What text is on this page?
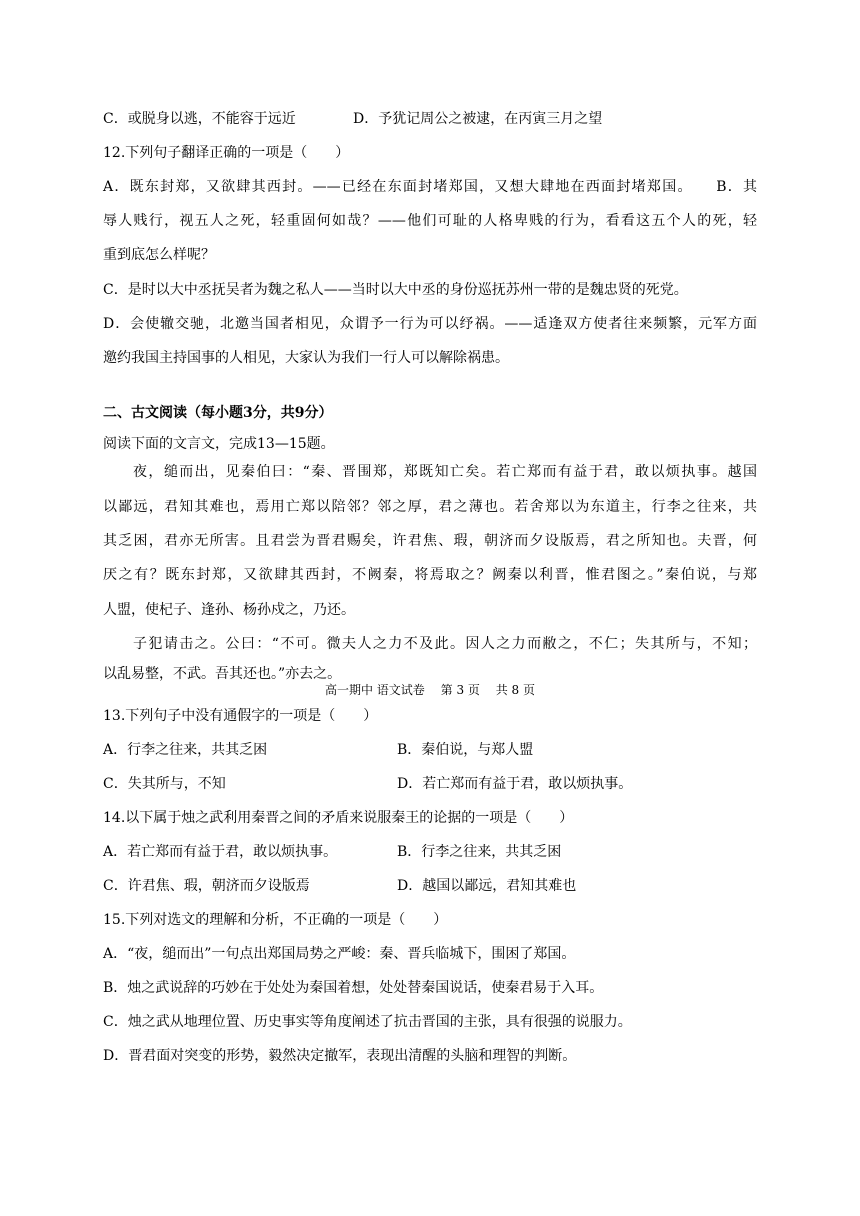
C．或脱身以逃，不能容于远近	D．予犹记周公之被逮，在丙寅三月之望
12.下列句子翻译正确的一项是（　　）
A．既东封郑，又欲肆其西封。——已经在东面封堵郑国，又想大肆地在西面封堵郑国。　　B．其
辱人贱行，视五人之死，轻重固何如哉？——他们可耻的人格卑贱的行为，看看这五个人的死，轻
重到底怎么样呢？
C．是时以大中丞抚吴者为魏之私人——当时以大中丞的身份巡抚苏州一带的是魏忠贤的死党。
D．会使辙交驰，北邀当国者相见，众谓予一行为可以纾祸。——适逢双方使者往来频繁，元军方面
邀约我国主持国事的人相见，大家认为我们一行人可以解除祸患。
二、古文阅读（每小题3分，共9分）
阅读下面的文言文，完成13—15题。
夜，缒而出，见秦伯曰：“秦、晋围郑，郑既知亡矣。若亡郑而有益于君，敢以烦执事。越国
以鄙远，君知其难也，焉用亡郑以陪邻？邻之厚，君之薄也。若舍郑以为东道主，行李之往来，共
其乏困，君亦无所害。且君尝为晋君赐矣，许君焦、瑕，朝济而夕设版焉，君之所知也。夫晋，何
厌之有？既东封郑，又欲肆其西封，不阙秦，将焉取之？阙秦以利晋，惟君图之。”秦伯说，与郑
人盟，使杞子、逢孙、杨孙戍之，乃还。
子犯请击之。公曰：“不可。微夫人之力不及此。因人之力而敝之，不仁；失其所与，不知；
以乱易整，不武。吾其还也。”亦去之。
高一期中 语文试卷 第 3 页 共 8 页
13.下列句子中没有通假字的一项是（　　）
A．行李之往来，共其乏困	B．秦伯说，与郑人盟
C．失其所与，不知	D．若亡郑而有益于君，敢以烦执事。
14.以下属于烛之武利用秦晋之间的矛盾来说服秦王的论据的一项是（　　）
A．若亡郑而有益于君，敢以烦执事。	B．行李之往来，共其乏困
C．许君焦、瑕，朝济而夕设版焉	D．越国以鄙远，君知其难也
15.下列对选文的理解和分析，不正确的一项是（　　）
A．“夜，缒而出”一句点出郑国局势之严峻：秦、晋兵临城下，围困了郑国。
B．烛之武说辞的巧妙在于处处为秦国着想，处处替秦国说话，使秦君易于入耳。
C．烛之武从地理位置、历史事实等角度阐述了抗击晋国的主张，具有很强的说服力。
D．晋君面对突变的形势，毅然决定撤军，表现出清醒的头脑和理智的判断。
